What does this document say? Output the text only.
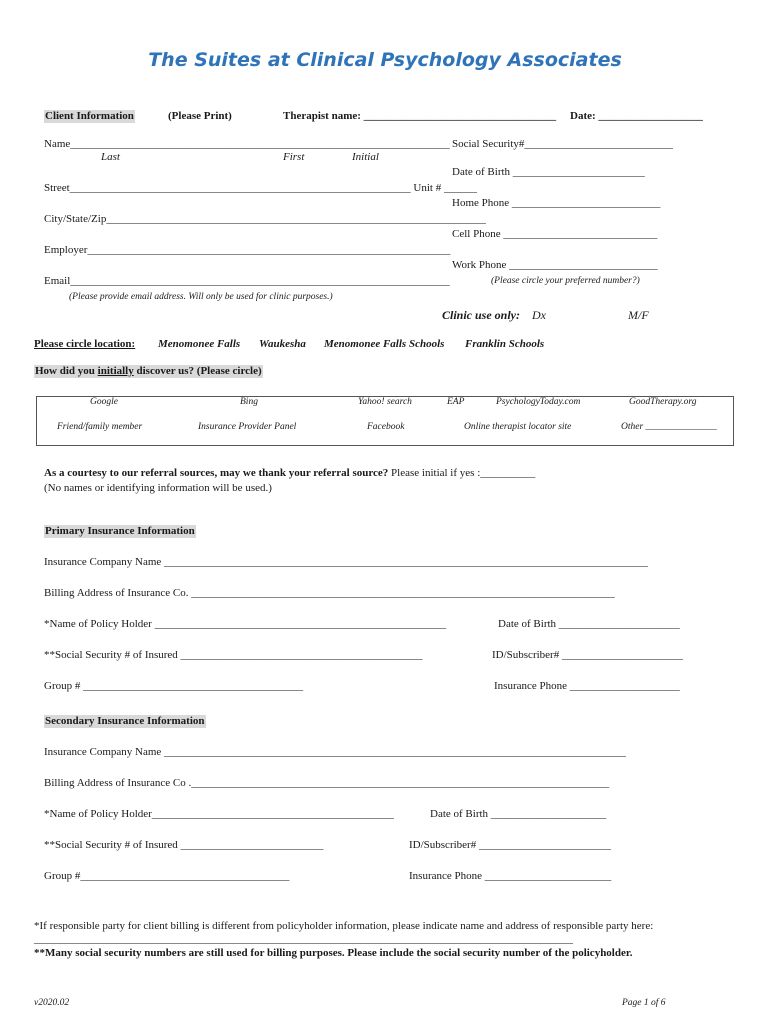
The Suites at Clinical Psychology Associates
Client Information	(Please Print)	Therapist name: ___________________________________ Date: ___________________
Name_____________________________________________________________________
Last	First	Initial
Street______________________________________________________________ Unit # ______
City/State/Zip_____________________________________________________________________
Employer__________________________________________________________________
Email_____________________________________________________________________
(Please provide email address. Will only be used for clinic purposes.)
Social Security#___________________________
Date of Birth ________________________
Home Phone ___________________________
Cell Phone ____________________________
Work Phone ___________________________
(Please circle your preferred number?)
Clinic use only: Dx	M/F
Please circle location: Menomonee Falls Waukesha Menomonee Falls Schools Franklin Schools
How did you initially discover us? (Please circle)
Google	Bing	Yahoo! search	EAP	PsychologyToday.com	GoodTherapy.org
Friend/family member	Insurance Provider Panel	Facebook	Online therapist locator site	Other _______________
As a courtesy to our referral sources, may we thank your referral source? Please initial if yes :__________
(No names or identifying information will be used.)
Primary Insurance Information
Insurance Company Name ________________________________________________________________________________________
Billing Address of Insurance Co. _____________________________________________________________________________
*Name of Policy Holder _____________________________________________________	Date of Birth ______________________
**Social Security # of Insured ____________________________________________	ID/Subscriber# ______________________
Group # ________________________________________	Insurance Phone ____________________
Secondary Insurance Information
Insurance Company Name ____________________________________________________________________________________
Billing Address of Insurance Co .____________________________________________________________________________
*Name of Policy Holder____________________________________________	Date of Birth _____________________
**Social Security # of Insured __________________________	ID/Subscriber# ________________________
Group #______________________________________	Insurance Phone _______________________
*If responsible party for client billing is different from policyholder information, please indicate name and address of responsible party here:
__________________________________________________________________________________________________
**Many social security numbers are still used for billing purposes. Please include the social security number of the policyholder.
v2020.02	Page 1 of 6
